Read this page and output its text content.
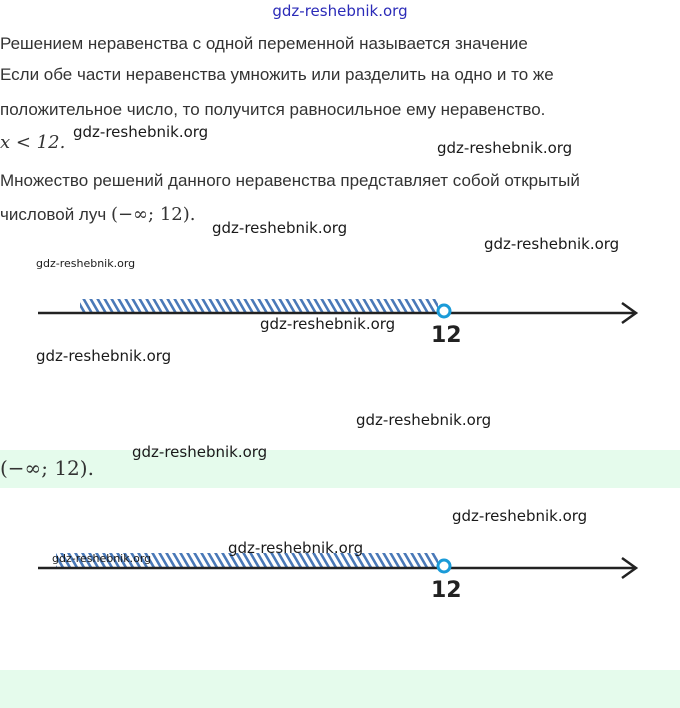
gdz-reshebnik.org
Решением неравенства с одной переменной называется значение
Если обе части неравенства умножить или разделить на одно и то же
положительное число, то получится равносильное ему неравенство.
x < 12.
Множество решений данного неравенства представляет собой открытый
числовой луч (−∞; 12).
12
(−∞; 12).
12
gdz-reshebnik.org
gdz-reshebnik.org
gdz-reshebnik.org
gdz-reshebnik.org
gdz-reshebnik.org
gdz-reshebnik.org
gdz-reshebnik.org
gdz-reshebnik.org
gdz-reshebnik.org
gdz-reshebnik.org
gdz-reshebnik.org
gdz-reshebnik.org
